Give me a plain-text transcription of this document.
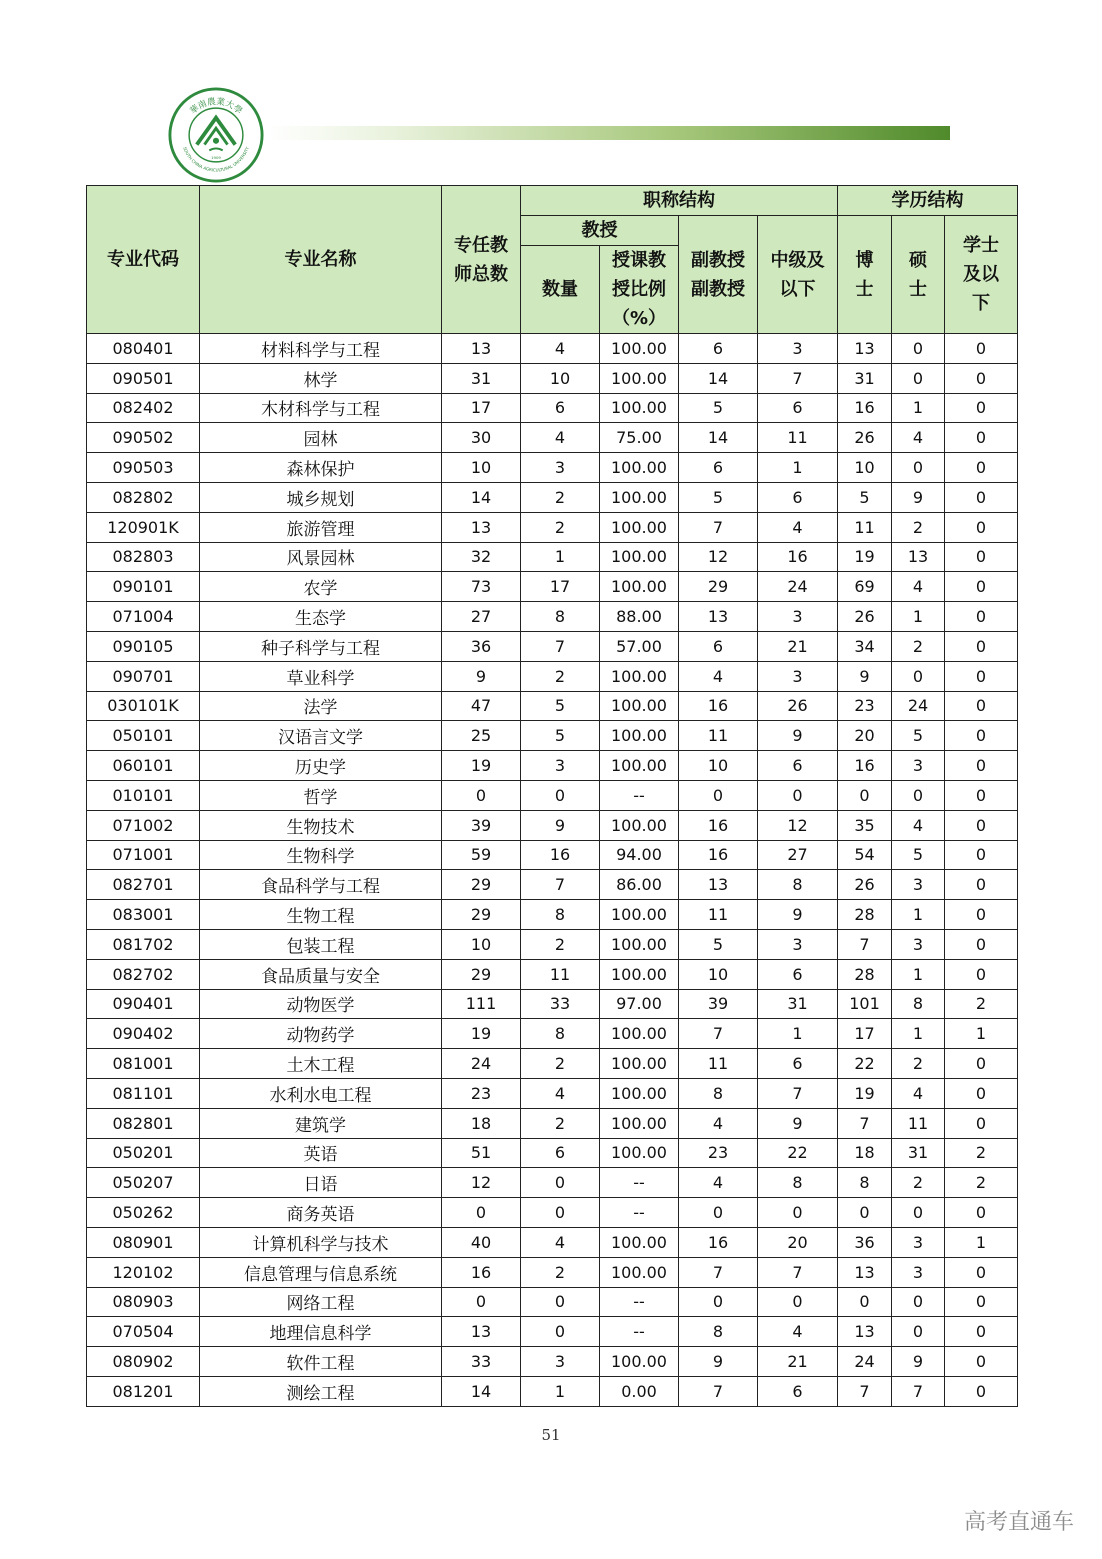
華南農業大學
SOUTH CHINA AGRICULTURAL UNIVERSITY
1909
专业代码	专业名称	专任教师总数	职称结构				学历结构		
			教授		副教授副教授	中级及以下	博士	硕士	学士及以下
			数量	授课教授比例（%）					
080401	材料科学与工程	13	4	100.00	6	3	13	0	0
090501	林学	31	10	100.00	14	7	31	0	0
082402	木材科学与工程	17	6	100.00	5	6	16	1	0
090502	园林	30	4	75.00	14	11	26	4	0
090503	森林保护	10	3	100.00	6	1	10	0	0
082802	城乡规划	14	2	100.00	5	6	5	9	0
120901K	旅游管理	13	2	100.00	7	4	11	2	0
082803	风景园林	32	1	100.00	12	16	19	13	0
090101	农学	73	17	100.00	29	24	69	4	0
071004	生态学	27	8	88.00	13	3	26	1	0
090105	种子科学与工程	36	7	57.00	6	21	34	2	0
090701	草业科学	9	2	100.00	4	3	9	0	0
030101K	法学	47	5	100.00	16	26	23	24	0
050101	汉语言文学	25	5	100.00	11	9	20	5	0
060101	历史学	19	3	100.00	10	6	16	3	0
010101	哲学	0	0	--	0	0	0	0	0
071002	生物技术	39	9	100.00	16	12	35	4	0
071001	生物科学	59	16	94.00	16	27	54	5	0
082701	食品科学与工程	29	7	86.00	13	8	26	3	0
083001	生物工程	29	8	100.00	11	9	28	1	0
081702	包装工程	10	2	100.00	5	3	7	3	0
082702	食品质量与安全	29	11	100.00	10	6	28	1	0
090401	动物医学	111	33	97.00	39	31	101	8	2
090402	动物药学	19	8	100.00	7	1	17	1	1
081001	土木工程	24	2	100.00	11	6	22	2	0
081101	水利水电工程	23	4	100.00	8	7	19	4	0
082801	建筑学	18	2	100.00	4	9	7	11	0
050201	英语	51	6	100.00	23	22	18	31	2
050207	日语	12	0	--	4	8	8	2	2
050262	商务英语	0	0	--	0	0	0	0	0
080901	计算机科学与技术	40	4	100.00	16	20	36	3	1
120102	信息管理与信息系统	16	2	100.00	7	7	13	3	0
080903	网络工程	0	0	--	0	0	0	0	0
070504	地理信息科学	13	0	--	8	4	13	0	0
080902	软件工程	33	3	100.00	9	21	24	9	0
081201	测绘工程	14	1	0.00	7	6	7	7	0
51
高考直通车
